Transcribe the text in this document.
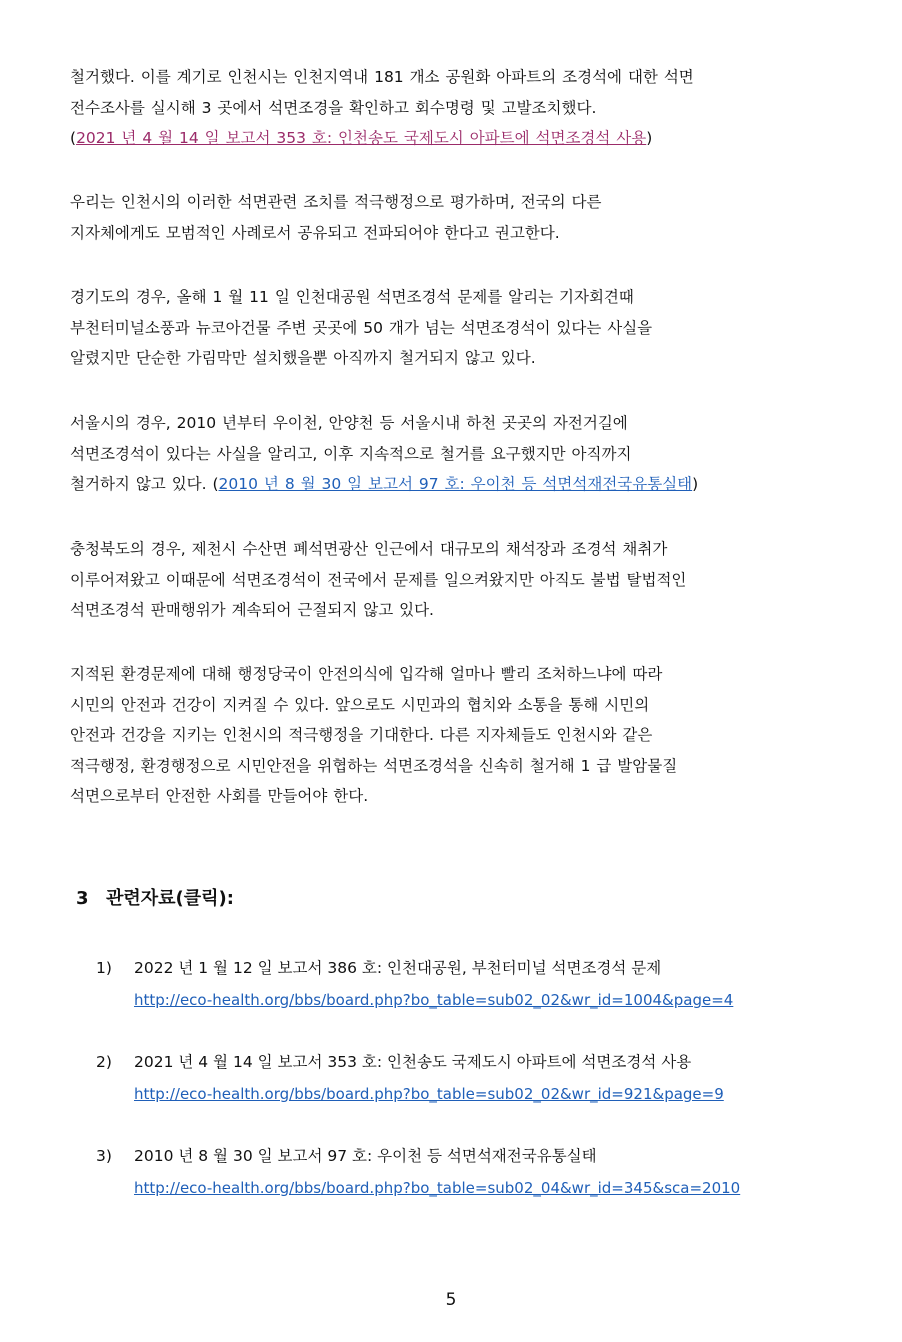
철거했다. 이를 계기로 인천시는 인천지역내 181 개소 공원화 아파트의 조경석에 대한 석면
전수조사를 실시해 3 곳에서 석면조경을 확인하고 회수명령 및 고발조치했다.
(2021 년 4 월 14 일 보고서 353 호: 인천송도 국제도시 아파트에 석면조경석 사용)
우리는 인천시의 이러한 석면관련 조치를 적극행정으로 평가하며, 전국의 다른
지자체에게도 모범적인 사례로서 공유되고 전파되어야 한다고 권고한다.
경기도의 경우, 올해 1 월 11 일 인천대공원 석면조경석 문제를 알리는 기자회견때
부천터미널소풍과 뉴코아건물 주변 곳곳에 50 개가 넘는 석면조경석이 있다는 사실을
알렸지만 단순한 가림막만 설치했을뿐 아직까지 철거되지 않고 있다.
서울시의 경우, 2010 년부터 우이천, 안양천 등 서울시내 하천 곳곳의 자전거길에
석면조경석이 있다는 사실을 알리고, 이후 지속적으로 철거를 요구했지만 아직까지
철거하지 않고 있다. (2010 년 8 월 30 일 보고서 97 호: 우이천 등 석면석재전국유통실태)
충청북도의 경우, 제천시 수산면 폐석면광산 인근에서 대규모의 채석장과 조경석 채취가
이루어져왔고 이때문에 석면조경석이 전국에서 문제를 일으켜왔지만 아직도 불법 탈법적인
석면조경석 판매행위가 계속되어 근절되지 않고 있다.
지적된 환경문제에 대해 행정당국이 안전의식에 입각해 얼마나 빨리 조처하느냐에 따라
시민의 안전과 건강이 지켜질 수 있다. 앞으로도 시민과의 협치와 소통을 통해 시민의
안전과 건강을 지키는 인천시의 적극행정을 기대한다. 다른 지자체들도 인천시와 같은
적극행정, 환경행정으로 시민안전을 위협하는 석면조경석을 신속히 철거해 1 급 발암물질
석면으로부터 안전한 사회를 만들어야 한다.
3 관련자료(클릭):
1) 2022 년 1 월 12 일 보고서 386 호: 인천대공원, 부천터미널 석면조경석 문제
http://eco-health.org/bbs/board.php?bo_table=sub02_02&wr_id=1004&page=4
2) 2021 년 4 월 14 일 보고서 353 호: 인천송도 국제도시 아파트에 석면조경석 사용
http://eco-health.org/bbs/board.php?bo_table=sub02_02&wr_id=921&page=9
3) 2010 년 8 월 30 일 보고서 97 호: 우이천 등 석면석재전국유통실태
http://eco-health.org/bbs/board.php?bo_table=sub02_04&wr_id=345&sca=2010
5
